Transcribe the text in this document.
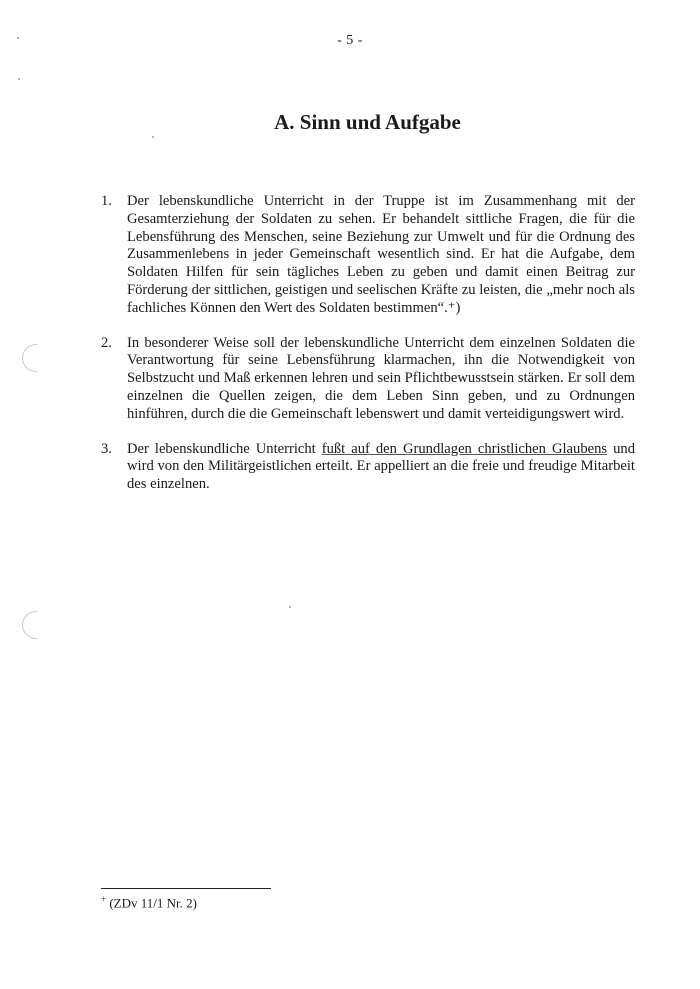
- 5 -
A. Sinn und Aufgabe
1. Der lebenskundliche Unterricht in der Truppe ist im Zusammenhang mit der Gesamterziehung der Soldaten zu sehen. Er behandelt sittliche Fragen, die für die Lebensführung des Menschen, seine Beziehung zur Umwelt und für die Ordnung des Zusammenlebens in jeder Gemeinschaft wesentlich sind. Er hat die Aufgabe, dem Soldaten Hilfen für sein tägliches Leben zu geben und damit einen Beitrag zur Förderung der sittlichen, geistigen und seelischen Kräfte zu leisten, die „mehr noch als fachliches Können den Wert des Soldaten bestimmen“.⁺)
2. In besonderer Weise soll der lebenskundliche Unterricht dem einzelnen Soldaten die Verantwortung für seine Lebensführung klarmachen, ihn die Notwendigkeit von Selbstzucht und Maß erkennen lehren und sein Pflichtbewusstsein stärken. Er soll dem einzelnen die Quellen zeigen, die dem Leben Sinn geben, und zu Ordnungen hinführen, durch die die Gemeinschaft lebenswert und damit verteidigungswert wird.
3. Der lebenskundliche Unterricht fußt auf den Grundlagen christlichen Glaubens und wird von den Militärgeistlichen erteilt. Er appelliert an die freie und freudige Mitarbeit des einzelnen.
+ (ZDv 11/1 Nr. 2)
